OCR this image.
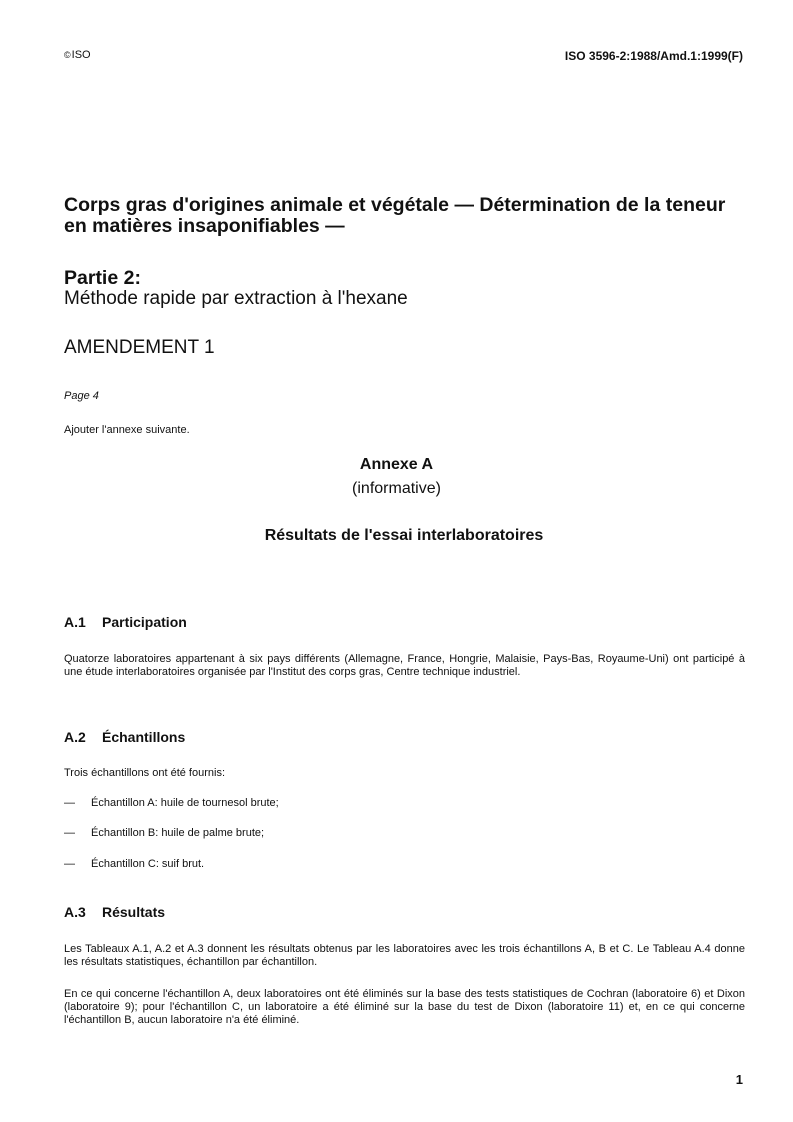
©ISO	ISO 3596-2:1988/Amd.1:1999(F)
Corps gras d'origines animale et végétale — Détermination de la teneur en matières insaponifiables —
Partie 2:
Méthode rapide par extraction à l'hexane
AMENDEMENT 1
Page 4
Ajouter l'annexe suivante.
Annexe A
(informative)
Résultats de l'essai interlaboratoires
A.1 Participation

Quatorze laboratoires appartenant à six pays différents (Allemagne, France, Hongrie, Malaisie, Pays-Bas, Royaume-Uni) ont participé à une étude interlaboratoires organisée par l'Institut des corps gras, Centre technique industriel.

A.2 Échantillons

Trois échantillons ont été fournis:

— Échantillon A: huile de tournesol brute;
— Échantillon B: huile de palme brute;
— Échantillon C: suif brut.
A.3 Résultats

Les Tableaux A.1, A.2 et A.3 donnent les résultats obtenus par les laboratoires avec les trois échantillons A, B et C. Le Tableau A.4 donne les résultats statistiques, échantillon par échantillon.

En ce qui concerne l'échantillon A, deux laboratoires ont été éliminés sur la base des tests statistiques de Cochran (laboratoire 6) et Dixon (laboratoire 9); pour l'échantillon C, un laboratoire a été éliminé sur la base du test de Dixon (laboratoire 11) et, en ce qui concerne l'échantillon B, aucun laboratoire n'a été éliminé.

1
